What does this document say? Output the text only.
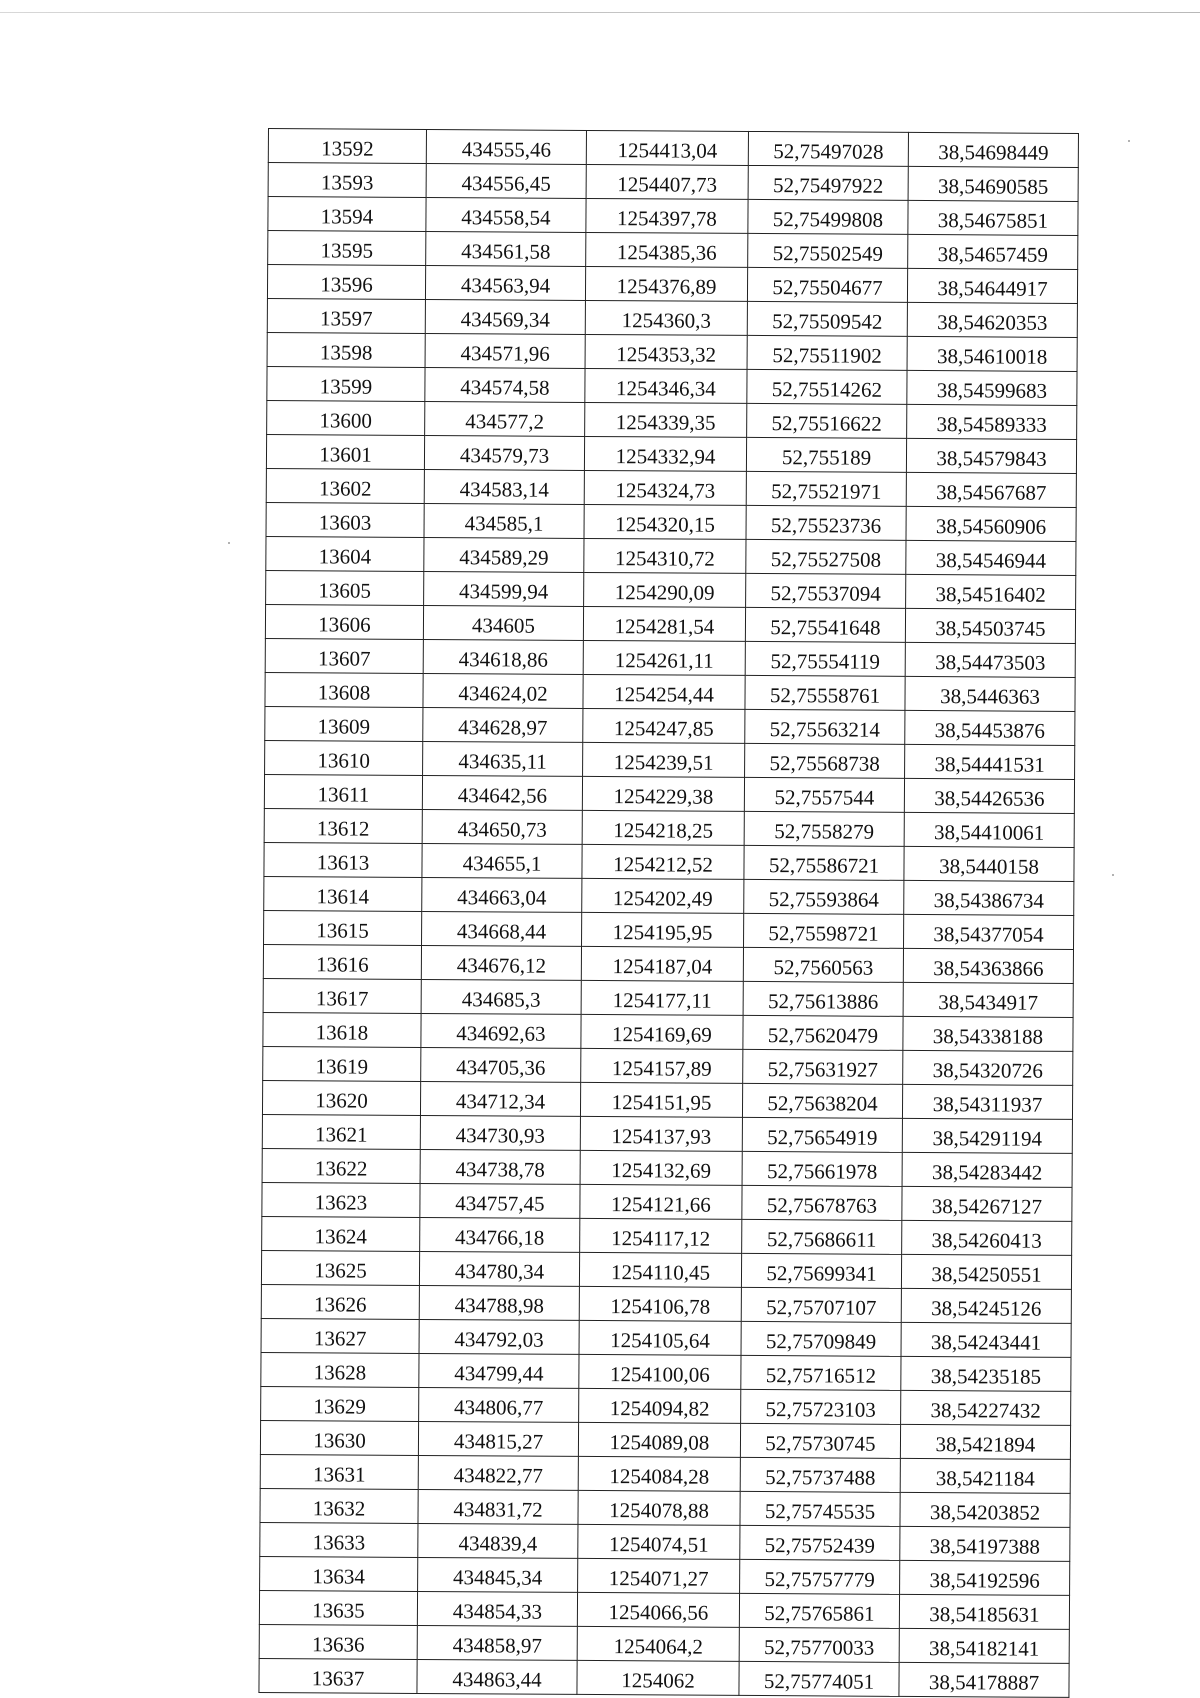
13592	434555,46	1254413,04	52,75497028	38,54698449
13593	434556,45	1254407,73	52,75497922	38,54690585
13594	434558,54	1254397,78	52,75499808	38,54675851
13595	434561,58	1254385,36	52,75502549	38,54657459
13596	434563,94	1254376,89	52,75504677	38,54644917
13597	434569,34	1254360,3	52,75509542	38,54620353
13598	434571,96	1254353,32	52,75511902	38,54610018
13599	434574,58	1254346,34	52,75514262	38,54599683
13600	434577,2	1254339,35	52,75516622	38,54589333
13601	434579,73	1254332,94	52,755189	38,54579843
13602	434583,14	1254324,73	52,75521971	38,54567687
13603	434585,1	1254320,15	52,75523736	38,54560906
13604	434589,29	1254310,72	52,75527508	38,54546944
13605	434599,94	1254290,09	52,75537094	38,54516402
13606	434605	1254281,54	52,75541648	38,54503745
13607	434618,86	1254261,11	52,75554119	38,54473503
13608	434624,02	1254254,44	52,75558761	38,5446363
13609	434628,97	1254247,85	52,75563214	38,54453876
13610	434635,11	1254239,51	52,75568738	38,54441531
13611	434642,56	1254229,38	52,7557544	38,54426536
13612	434650,73	1254218,25	52,7558279	38,54410061
13613	434655,1	1254212,52	52,75586721	38,5440158
13614	434663,04	1254202,49	52,75593864	38,54386734
13615	434668,44	1254195,95	52,75598721	38,54377054
13616	434676,12	1254187,04	52,7560563	38,54363866
13617	434685,3	1254177,11	52,75613886	38,5434917
13618	434692,63	1254169,69	52,75620479	38,54338188
13619	434705,36	1254157,89	52,75631927	38,54320726
13620	434712,34	1254151,95	52,75638204	38,54311937
13621	434730,93	1254137,93	52,75654919	38,54291194
13622	434738,78	1254132,69	52,75661978	38,54283442
13623	434757,45	1254121,66	52,75678763	38,54267127
13624	434766,18	1254117,12	52,75686611	38,54260413
13625	434780,34	1254110,45	52,75699341	38,54250551
13626	434788,98	1254106,78	52,75707107	38,54245126
13627	434792,03	1254105,64	52,75709849	38,54243441
13628	434799,44	1254100,06	52,75716512	38,54235185
13629	434806,77	1254094,82	52,75723103	38,54227432
13630	434815,27	1254089,08	52,75730745	38,5421894
13631	434822,77	1254084,28	52,75737488	38,5421184
13632	434831,72	1254078,88	52,75745535	38,54203852
13633	434839,4	1254074,51	52,75752439	38,54197388
13634	434845,34	1254071,27	52,75757779	38,54192596
13635	434854,33	1254066,56	52,75765861	38,54185631
13636	434858,97	1254064,2	52,75770033	38,54182141
13637	434863,44	1254062	52,75774051	38,54178887
